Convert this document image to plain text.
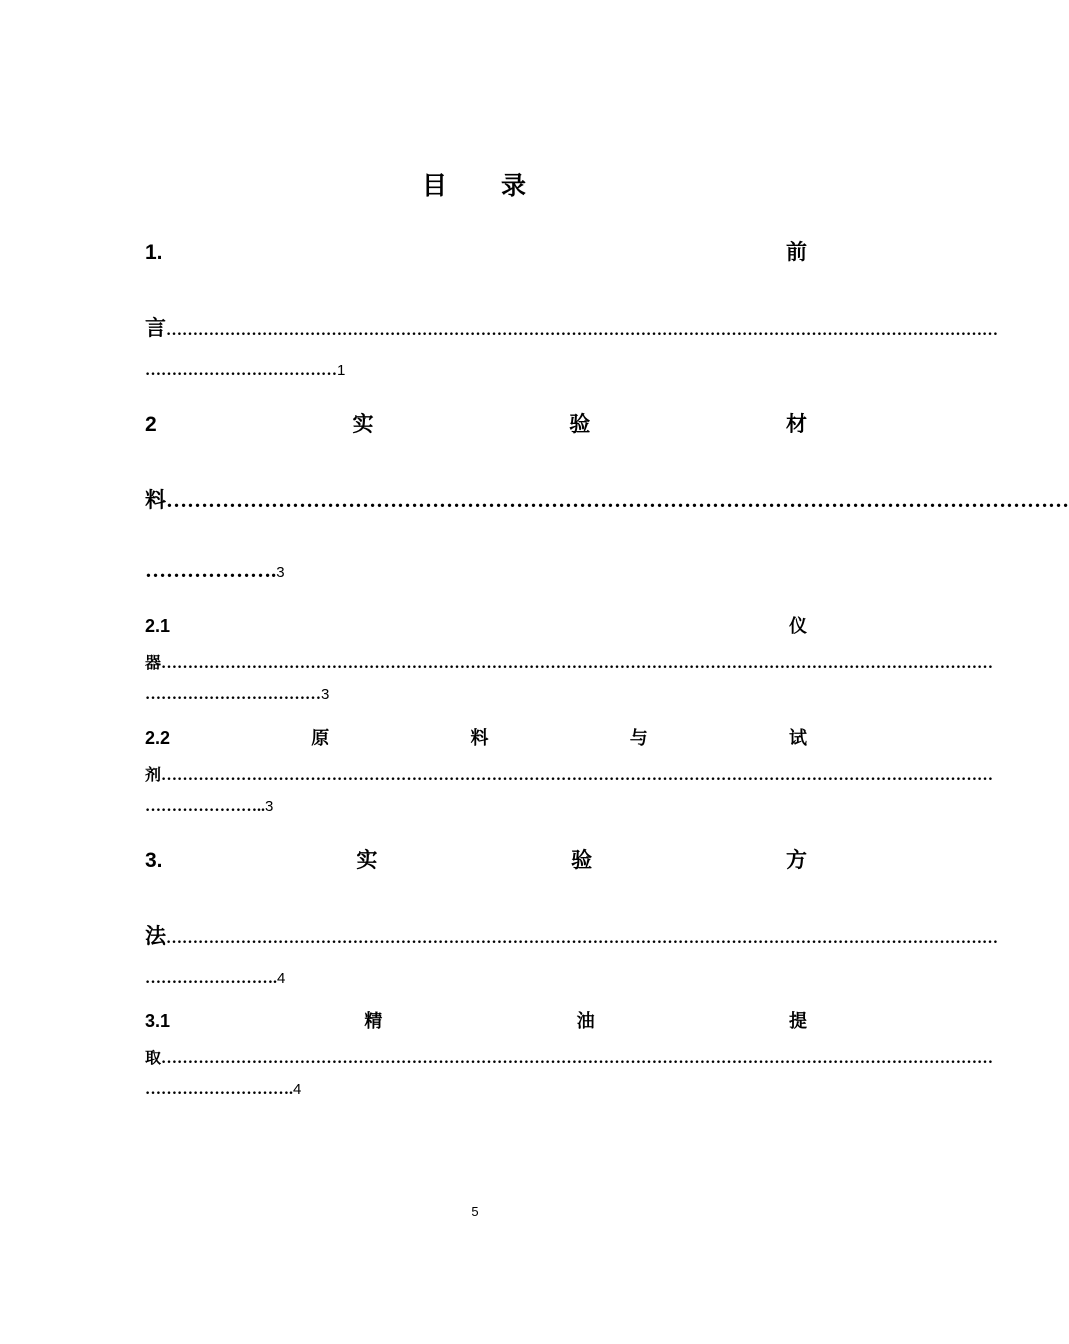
目 录
1.	前
言…………………………………………………………………………………………………………………………………………
………………………………1
2	实	验	材
料…………………………………………………………………………………………………………………
……………….3
2.1	仪
器…………………………………………………………………………………………………………………………………………
……………………………3
2.2	原	料	与	试
剂…………………………………………………………………………………………………………………………………………
…………………..3
3.	实	验	方
法…………………………………………………………………………………………………………………………………………
…………………….4
3.1	精	油	提
取…………………………………………………………………………………………………………………………………………
……………………….4
5
